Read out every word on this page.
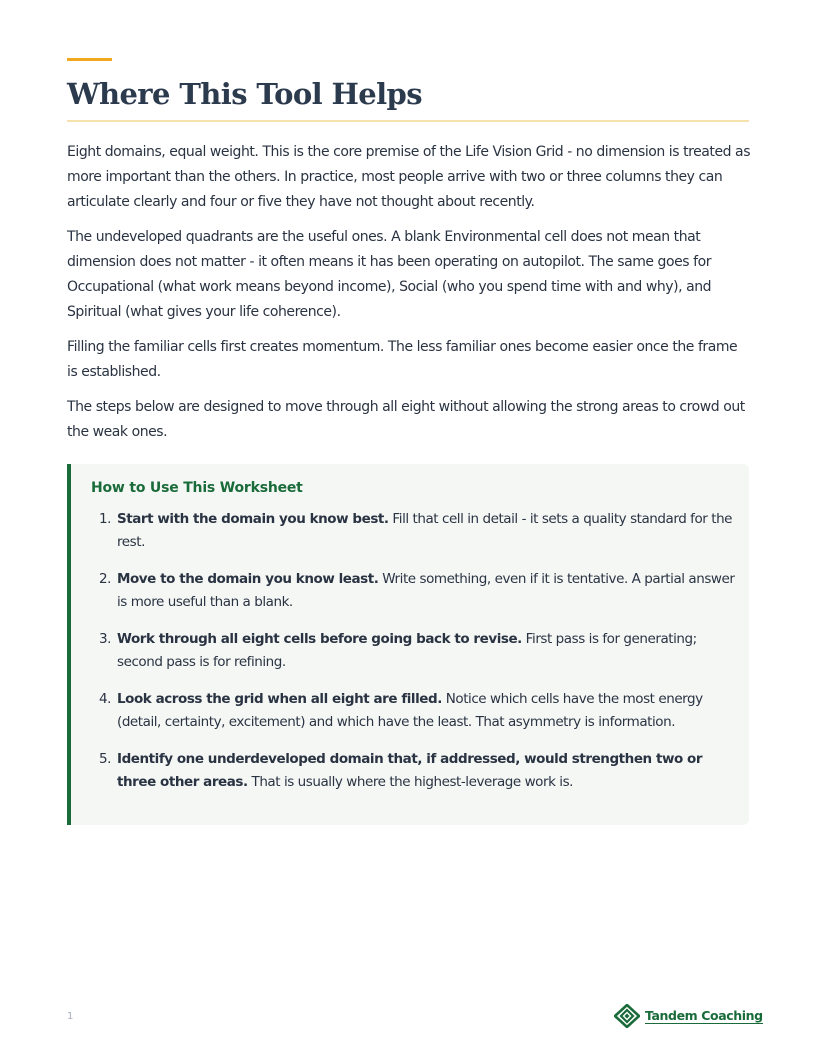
Where This Tool Helps

Eight domains, equal weight. This is the core premise of the Life Vision Grid - no dimension is treated as more important than the others. In practice, most people arrive with two or three columns they can articulate clearly and four or five they have not thought about recently.

The undeveloped quadrants are the useful ones. A blank Environmental cell does not mean that dimension does not matter - it often means it has been operating on autopilot. The same goes for Occupational (what work means beyond income), Social (who you spend time with and why), and Spiritual (what gives your life coherence).

Filling the familiar cells first creates momentum. The less familiar ones become easier once the frame is established.

The steps below are designed to move through all eight without allowing the strong areas to crowd out the weak ones.

How to Use This Worksheet
1. Start with the domain you know best. Fill that cell in detail - it sets a quality standard for the rest.
2. Move to the domain you know least. Write something, even if it is tentative. A partial answer is more useful than a blank.
3. Work through all eight cells before going back to revise. First pass is for generating; second pass is for refining.
4. Look across the grid when all eight are filled. Notice which cells have the most energy (detail, certainty, excitement) and which have the least. That asymmetry is information.
5. Identify one underdeveloped domain that, if addressed, would strengthen two or three other areas. That is usually where the highest-leverage work is.
1	Tandem Coaching
